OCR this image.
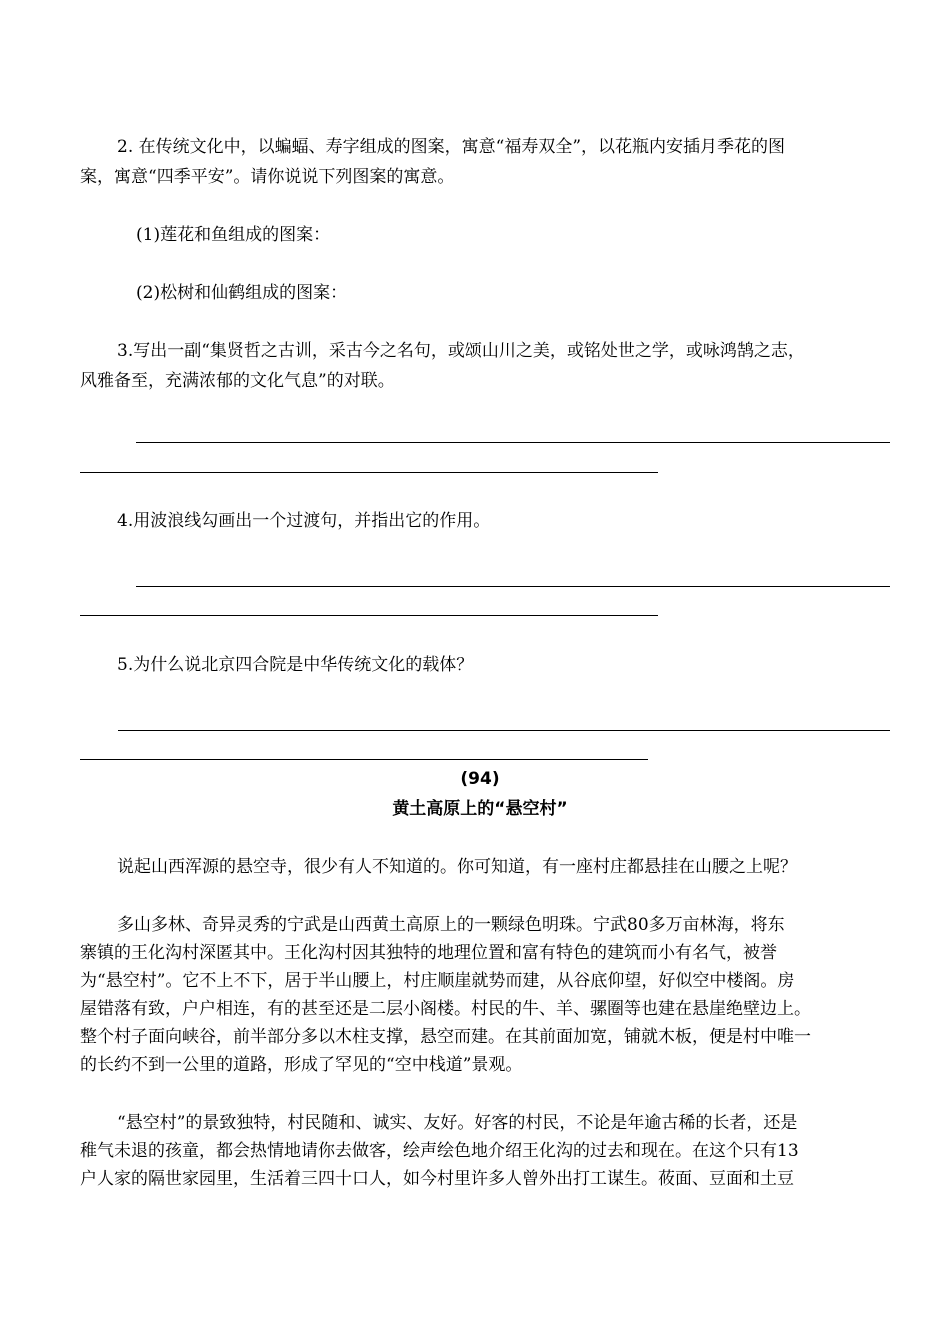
2. 在传统文化中，以蝙蝠、寿字组成的图案，寓意“福寿双全”，以花瓶内安插月季花的图
案，寓意“四季平安”。请你说说下列图案的寓意。
(1)莲花和鱼组成的图案：
(2)松树和仙鹤组成的图案：
3.写出一副“集贤哲之古训，采古今之名句，或颂山川之美，或铭处世之学，或咏鸿鹄之志，
风雅备至，充满浓郁的文化气息”的对联。
4.用波浪线勾画出一个过渡句，并指出它的作用。
5.为什么说北京四合院是中华传统文化的载体？
(94)
黄土高原上的“悬空村”
说起山西浑源的悬空寺，很少有人不知道的。你可知道，有一座村庄都悬挂在山腰之上呢？
多山多林、奇异灵秀的宁武是山西黄土高原上的一颗绿色明珠。宁武80多万亩林海，将东
寨镇的王化沟村深匿其中。王化沟村因其独特的地理位置和富有特色的建筑而小有名气，被誉
为“悬空村”。它不上不下，居于半山腰上，村庄顺崖就势而建，从谷底仰望，好似空中楼阁。房
屋错落有致，户户相连，有的甚至还是二层小阁楼。村民的牛、羊、骡圈等也建在悬崖绝壁边上。
整个村子面向峡谷，前半部分多以木柱支撑，悬空而建。在其前面加宽，铺就木板，便是村中唯一
的长约不到一公里的道路，形成了罕见的“空中栈道”景观。
“悬空村”的景致独特，村民随和、诚实、友好。好客的村民，不论是年逾古稀的长者，还是
稚气未退的孩童，都会热情地请你去做客，绘声绘色地介绍王化沟的过去和现在。在这个只有13
户人家的隔世家园里，生活着三四十口人，如今村里许多人曾外出打工谋生。莜面、豆面和土豆
